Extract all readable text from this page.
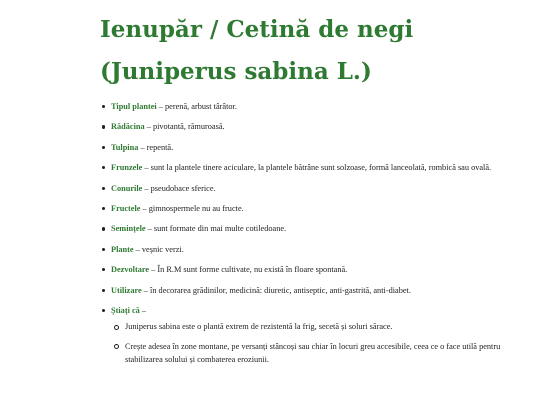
Ienupăr / Cetină de negi
(Juniperus sabina L.)
Tipul plantei – perenă, arbust târâtor.
Rădăcina – pivotantă, rămuroasă.
Tulpina – repentă.
Frunzele – sunt la plantele tinere aciculare, la plantele bătrâne sunt solzoase, formă lanceolată, rombică sau ovală.
Conurile – pseudobace sferice.
Fructele – gimnospermele nu au fructe.
Semințele – sunt formate din mai multe cotiledoane.
Plante – veșnic verzi.
Dezvoltare – În R.M sunt forme cultivate, nu există în floare spontană.
Utilizare – în decorarea grădinilor, medicină: diuretic, antiseptic, anti-gastrită, anti-diabet.
Știați că –
Juniperus sabina este o plantă extrem de rezistentă la frig, secetă și soluri sărace.
Crește adesea în zone montane, pe versanți stâncoși sau chiar în locuri greu accesibile, ceea ce o face utilă pentru stabilizarea solului și combaterea eroziunii.
